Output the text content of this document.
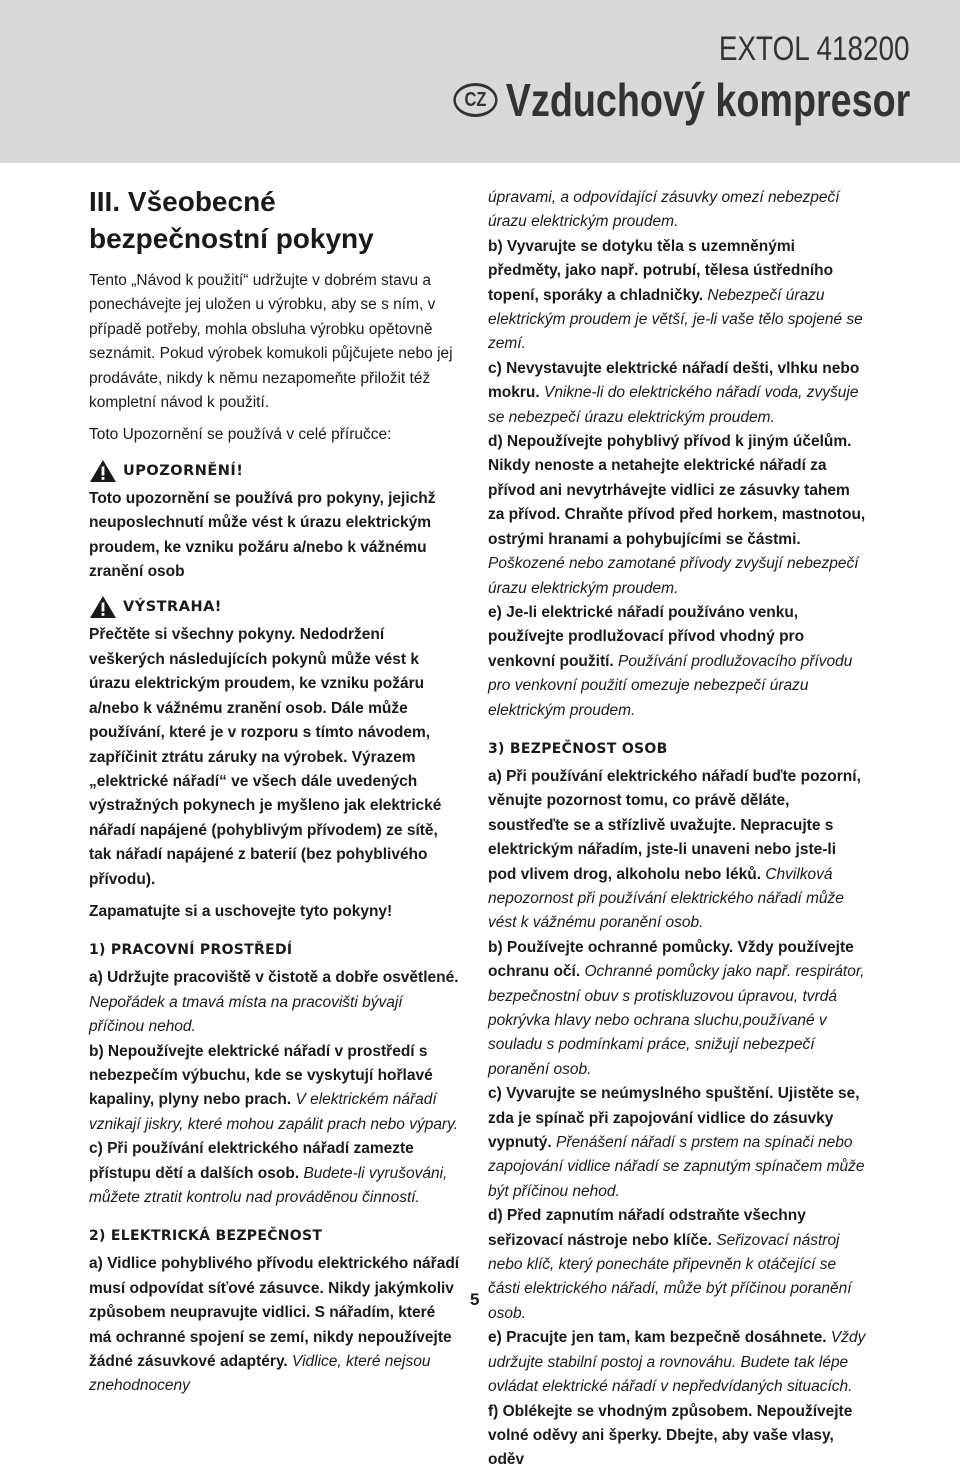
EXTOL 418200
CZ Vzduchový kompresor
III. Všeobecné
bezpečnostní pokyny

Tento „Návod k použití“ udržujte v dobrém stavu a ponechávejte jej uložen u výrobku, aby se s ním, v případě potřeby, mohla obsluha výrobku opětovně seznámit. Pokud výrobek komukoli půjčujete nebo jej prodáváte, nikdy k němu nezapomeňte přiložit též kompletní návod k použití.

Toto Upozornění se používá v celé příručce:

UPOZORNĚNÍ!

Toto upozornění se používá pro pokyny, jejichž neuposlechnutí může vést k úrazu elektrickým proudem, ke vzniku požáru a/nebo k vážnému zranění osob

VÝSTRAHA!

Přečtěte si všechny pokyny. Nedodržení veškerých následujících pokynů může vést k úrazu elektrickým proudem, ke vzniku požáru a/nebo k vážnému zranění osob. Dále může používání, které je v rozporu s tímto návodem, zapříčinit ztrátu záruky na výrobek. Výrazem „elektrické nářadí“ ve všech dále uvedených výstražných pokynech je myšleno jak elektrické nářadí napájené (pohyblivým přívodem) ze sítě, tak nářadí napájené z baterií (bez pohyblivého přívodu).

Zapamatujte si a uschovejte tyto pokyny!

1) PRACOVNÍ PROSTŘEDÍ

a) Udržujte pracoviště v čistotě a dobře osvětlené. Nepořádek a tmavá místa na pracovišti bývají příčinou nehod.

b) Nepoužívejte elektrické nářadí v prostředí s nebezpečím výbuchu, kde se vyskytují hořlavé kapaliny, plyny nebo prach. V elektrickém nářadí vznikají jiskry, které mohou zapálit prach nebo výpary.

c) Při používání elektrického nářadí zamezte přístupu dětí a dalších osob. Budete-li vyrušováni, můžete ztratit kontrolu nad prováděnou činností.

2) ELEKTRICKÁ BEZPEČNOST

a) Vidlice pohyblivého přívodu elektrického nářadí musí odpovídat síťové zásuvce. Nikdy jakýmkoliv způsobem neupravujte vidlici. S nářadím, které má ochranné spojení se zemí, nikdy nepoužívejte žádné zásuvkové adaptéry. Vidlice, které nejsou znehodnoceny

úpravami, a odpovídající zásuvky omezí nebezpečí úrazu elektrickým proudem.

b) Vyvarujte se dotyku těla s uzemněnými předměty, jako např. potrubí, tělesa ústředního topení, sporáky a chladničky. Nebezpečí úrazu elektrickým proudem je větší, je-li vaše tělo spojené se zemí.

c) Nevystavujte elektrické nářadí dešti, vlhku nebo mokru. Vnikne-li do elektrického nářadí voda, zvyšuje se nebezpečí úrazu elektrickým proudem.

d) Nepoužívejte pohyblivý přívod k jiným účelům. Nikdy nenoste a netahejte elektrické nářadí za přívod ani nevytrhávejte vidlici ze zásuvky tahem za přívod. Chraňte přívod před horkem, mastnotou, ostrými hranami a pohybujícími se částmi. Poškozené nebo zamotané přívody zvyšují nebezpečí úrazu elektrickým proudem.

e) Je-li elektrické nářadí používáno venku, používejte prodlužovací přívod vhodný pro venkovní použití. Používání prodlužovacího přívodu pro venkovní použití omezuje nebezpečí úrazu elektrickým proudem.

3) BEZPEČNOST OSOB

a) Při používání elektrického nářadí buďte pozorní, věnujte pozornost tomu, co právě děláte, soustřeďte se a střízlivě uvažujte. Nepracujte s elektrickým nářadím, jste-li unaveni nebo jste-li pod vlivem drog, alkoholu nebo léků. Chvilková nepozornost při používání elektrického nářadí může vést k vážnému poranění osob.

b) Používejte ochranné pomůcky. Vždy používejte ochranu očí. Ochranné pomůcky jako např. respirátor, bezpečnostní obuv s protiskluzovou úpravou, tvrdá pokrývka hlavy nebo ochrana sluchu,používané v souladu s podmínkami práce, snižují nebezpečí poranění osob.

c) Vyvarujte se neúmyslného spuštění. Ujistěte se, zda je spínač při zapojování vidlice do zásuvky vypnutý. Přenášení nářadí s prstem na spínači nebo zapojování vidlice nářadí se zapnutým spínačem může být příčinou nehod.

d) Před zapnutím nářadí odstraňte všechny seřizovací nástroje nebo klíče. Seřizovací nástroj nebo klíč, který ponecháte připevněn k otáčející se části elektrického nářadí, může být příčinou poranění osob.

e) Pracujte jen tam, kam bezpečně dosáhnete. Vždy udržujte stabilní postoj a rovnováhu. Budete tak lépe ovládat elektrické nářadí v nepředvídaných situacích.

f) Oblékejte se vhodným způsobem. Nepoužívejte volné oděvy ani šperky. Dbejte, aby vaše vlasy, oděv

5
